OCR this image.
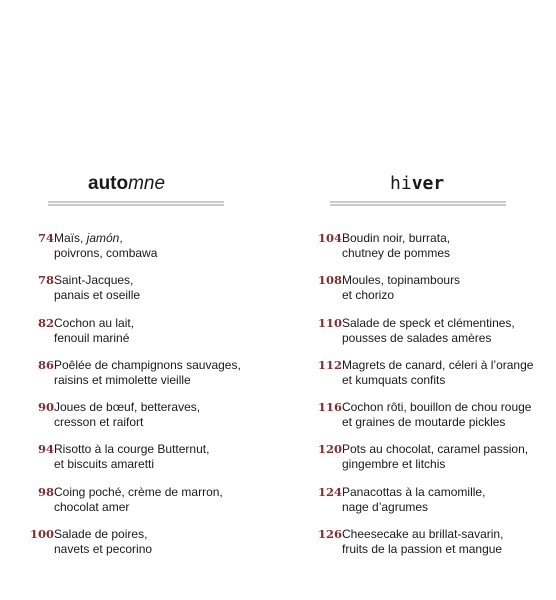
automne
74 Maïs, jamón,
poivrons, combawa
78 Saint-Jacques,
panais et oseille
82 Cochon au lait,
fenouil mariné
86 Poêlée de champignons sauvages,
raisins et mimolette vieille
90 Joues de bœuf, betteraves,
cresson et raifort
94 Risotto à la courge Butternut,
et biscuits amaretti
98 Coing poché, crème de marron,
chocolat amer
100 Salade de poires,
navets et pecorino
hiver
104 Boudin noir, burrata,
chutney de pommes
108 Moules, topinambours
et chorizo
110 Salade de speck et clémentines,
pousses de salades amères
112 Magrets de canard, céleri à l’orange
et kumquats confits
116 Cochon rôti, bouillon de chou rouge
et graines de moutarde pickles
120 Pots au chocolat, caramel passion,
gingembre et litchis
124 Panacottas à la camomille,
nage d’agrumes
126 Cheesecake au brillat-savarin,
fruits de la passion et mangue
